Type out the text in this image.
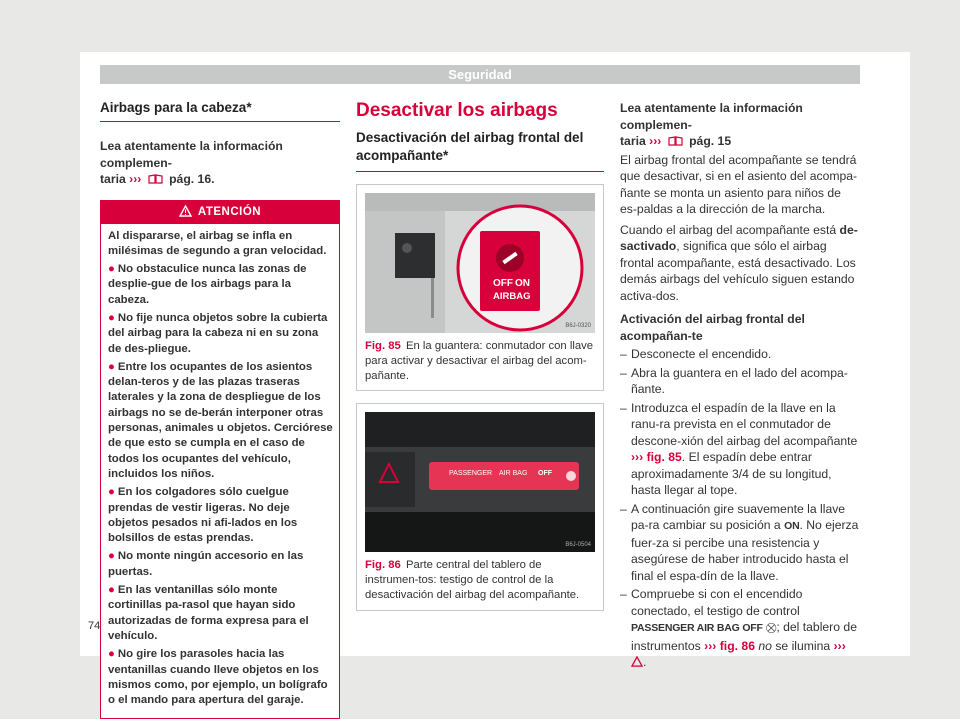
Seguridad
Airbags para la cabeza*
Lea atentamente la información complemen-
taria ››› pág. 16.
ATENCIÓN

Al dispararse, el airbag se infla en milésimas de segundo a gran velocidad.

● No obstaculice nunca las zonas de desplie-gue de los airbags para la cabeza.

● No fije nunca objetos sobre la cubierta del airbag para la cabeza ni en su zona de des-pliegue.

● Entre los ocupantes de los asientos delan-teros y de las plazas traseras laterales y la zona de despliegue de los airbags no se de-berán interponer otras personas, animales u objetos. Cerciórese de que esto se cumpla en el caso de todos los ocupantes del vehículo, incluidos los niños.

● En los colgadores sólo cuelgue prendas de vestir ligeras. No deje objetos pesados ni afi-lados en los bolsillos de estas prendas.

● No monte ningún accesorio en las puertas.

● En las ventanillas sólo monte cortinillas pa-rasol que hayan sido autorizadas de forma expresa para el vehículo.

● No gire los parasoles hacia las ventanillas cuando lleve objetos en los mismos como, por ejemplo, un bolígrafo o el mando para apertura del garaje.

Desactivar los airbags
Desactivación del airbag frontal del acompañante*
OFF ON
AIRBAG
B6J-0320
Fig. 85 En la guantera: conmutador con llave para activar y desactivar el airbag del acom-pañante.
PASSENGER AIR BAG OFF
B6J-0504
Fig. 86 Parte central del tablero de instrumen-tos: testigo de control de la desactivación del airbag del acompañante.
Lea atentamente la información complemen-
taria ››› pág. 15

El airbag frontal del acompañante se tendrá que desactivar, si en el asiento del acompa-ñante se monta un asiento para niños de es-paldas a la dirección de la marcha.

Cuando el airbag del acompañante está de-sactivado, significa que sólo el airbag frontal acompañante, está desactivado. Los demás airbags del vehículo siguen estando activa-dos.

Activación del airbag frontal del acompañan-te
– Desconecte el encendido.
– Abra la guantera en el lado del acompa-ñante.
– Introduzca el espadín de la llave en la ranu-ra prevista en el conmutador de descone-xión del airbag del acompañante ››› fig. 85. El espadín debe entrar aproximadamente 3/4 de su longitud, hasta llegar al tope.
– A continuación gire suavemente la llave pa-ra cambiar su posición a ON. No ejerza fuer-za si percibe una resistencia y asegúrese de haber introducido hasta el final el espa-dín de la llave.
– Compruebe si con el encendido conectado, el testigo de control PASSENGER AIR BAG OFF ⛒; del tablero de instrumentos ››› fig. 86 no se ilumina ››› .
74
